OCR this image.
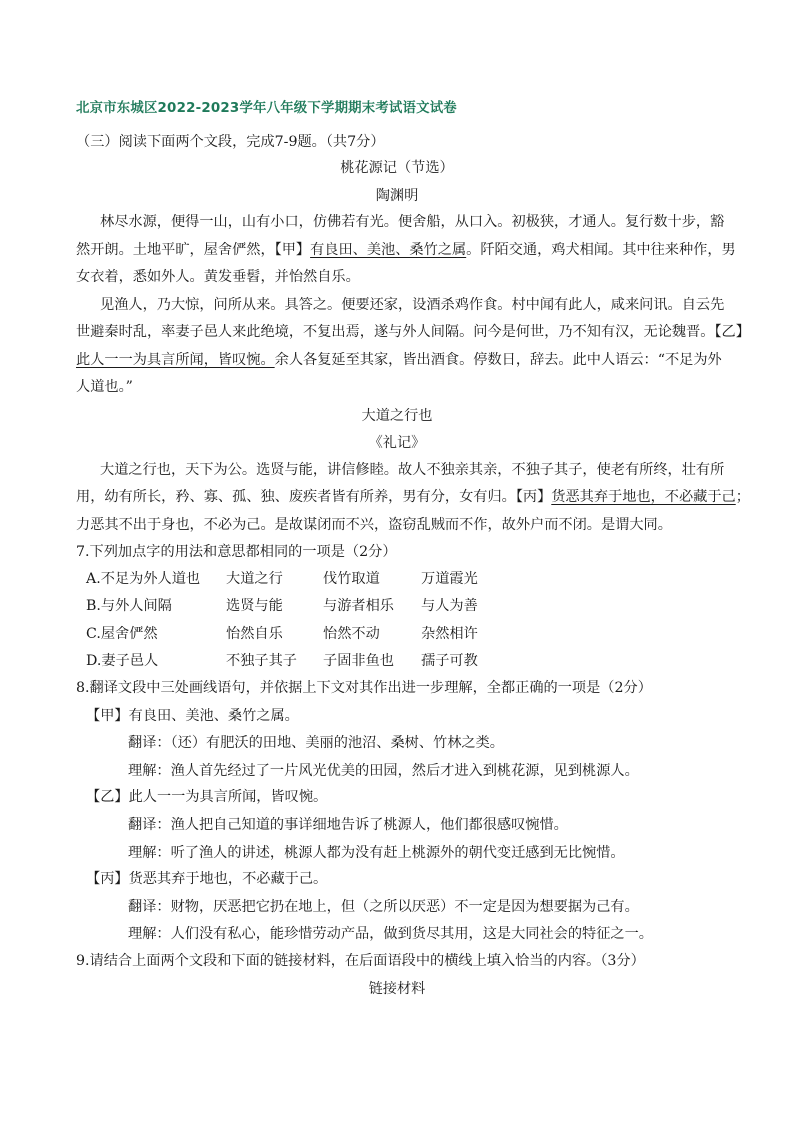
北京市东城区2022-2023学年八年级下学期期末考试语文试卷
（三）阅读下面两个文段，完成7-9题。（共7分）
桃花源记（节选）
陶渊明
林尽水源，便得一山，山有小口，仿佛若有光。便舍船，从口入。初极狭，才通人。复行数十步，豁
然开朗。土地平旷，屋舍俨然，【甲】有良田、美池、桑竹之属。阡陌交通，鸡犬相闻。其中往来种作，男
女衣着，悉如外人。黄发垂髫，并怡然自乐。
见渔人，乃大惊，问所从来。具答之。便要还家，设酒杀鸡作食。村中闻有此人，咸来问讯。自云先
世避秦时乱，率妻子邑人来此绝境，不复出焉，遂与外人间隔。问今是何世，乃不知有汉，无论魏晋。【乙】
此人一一为具言所闻，皆叹惋。余人各复延至其家，皆出酒食。停数日，辞去。此中人语云：“不足为外
人道也。”
大道之行也
《礼记》
大道之行也，天下为公。选贤与能，讲信修睦。故人不独亲其亲，不独子其子，使老有所终，壮有所
用，幼有所长，矜、寡、孤、独、废疾者皆有所养，男有分，女有归。【丙】货恶其弃于地也，不必藏于己；
力恶其不出于身也，不必为己。是故谋闭而不兴，盗窃乱贼而不作，故外户而不闭。是谓大同。
7.下列加点字的用法和意思都相同的一项是（2分）
A.不足为外人道也 大道之行	伐竹取道	万道霞光
B.与外人间隔	选贤与能	与游者相乐 与人为善
C.屋舍俨然	怡然自乐	怡然不动	杂然相许
D.妻子邑人	不独子其子 子固非鱼也 孺子可教
8.翻译文段中三处画线语句，并依据上下文对其作出进一步理解，全都正确的一项是（2分）
【甲】有良田、美池、桑竹之属。
翻译：（还）有肥沃的田地、美丽的池沼、桑树、竹林之类。
理解：渔人首先经过了一片风光优美的田园，然后才进入到桃花源，见到桃源人。
【乙】此人一一为具言所闻，皆叹惋。
翻译：渔人把自己知道的事详细地告诉了桃源人，他们都很感叹惋惜。
理解：听了渔人的讲述，桃源人都为没有赶上桃源外的朝代变迁感到无比惋惜。
【丙】货恶其弃于地也，不必藏于己。
翻译：财物，厌恶把它扔在地上，但（之所以厌恶）不一定是因为想要据为己有。
理解：人们没有私心，能珍惜劳动产品，做到货尽其用，这是大同社会的特征之一。
9.请结合上面两个文段和下面的链接材料，在后面语段中的横线上填入恰当的内容。（3分）
链接材料
